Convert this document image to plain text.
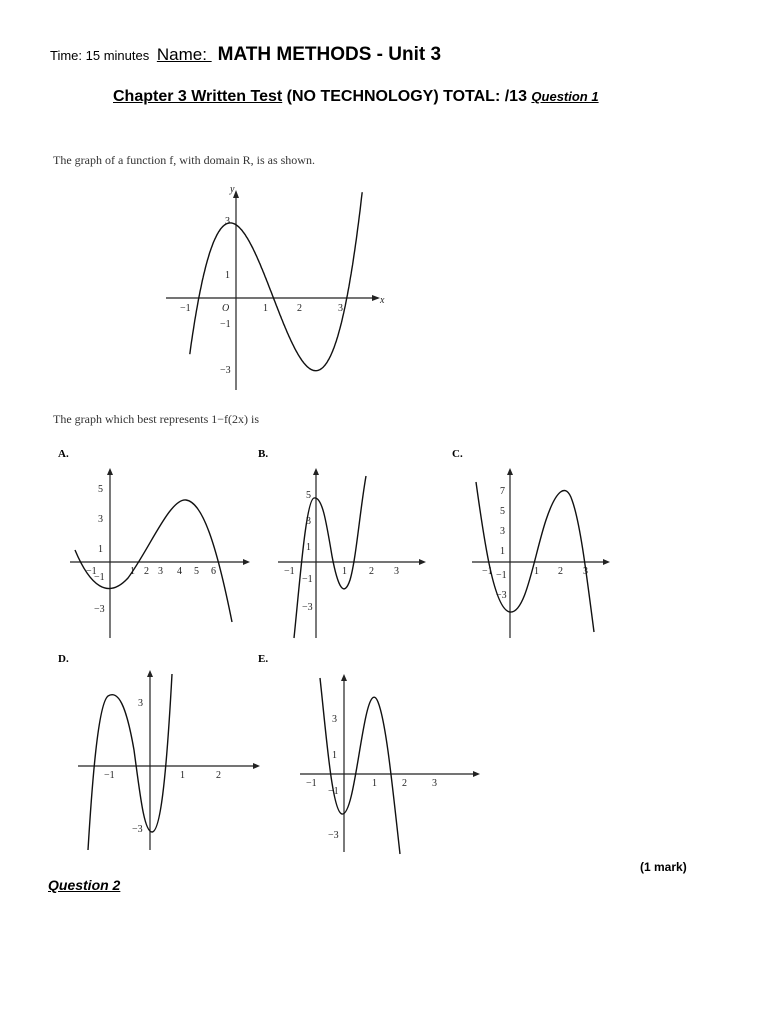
Time: 15 minutes Name: MATH METHODS - Unit 3
Chapter 3 Written Test (NO TECHNOLOGY) TOTAL: /13 Question 1
The graph of a function f, with domain R, is as shown.
x
y
O
−1	1	2	3
3
1
−1
−3
The graph which best represents 1−f(2x) is
A.
−1	1 2 3 4 5 6
5
3
1
−1
−3
B.
−1	1 2 3
5
3
1
−1
−3
C.
−1	1 2 3
7
5
3
1
−1
−3
D.
−1	1	2
3
−3
E.
−1	1	2	3
3
1
−1
−3
(1 mark)
Question 2
